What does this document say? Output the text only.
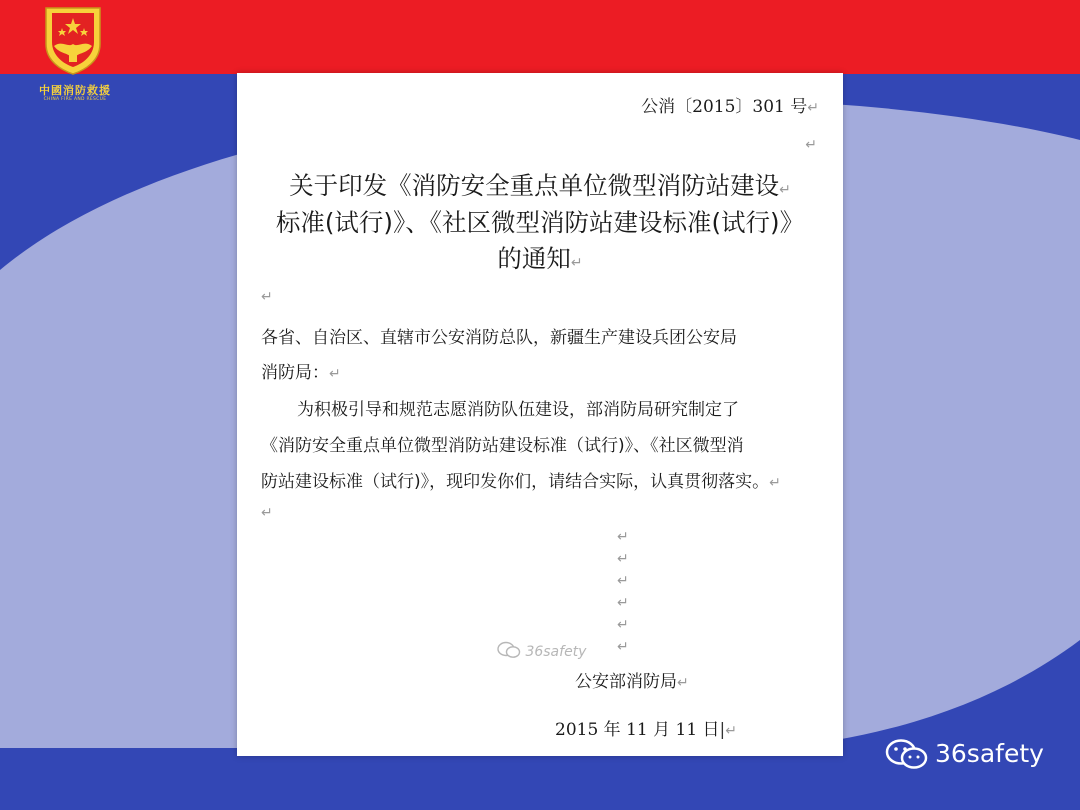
中國消防救援
CHINA FIRE AND RESCUE	公消〔2015〕301 号↵
↵
关于印发《消防安全重点单位微型消防站建设↵
标准(试行)》、《社区微型消防站建设标准(试行)》
的通知↵
↵
各省、自治区、直辖市公安消防总队，新疆生产建设兵团公安局
消防局：↵
为积极引导和规范志愿消防队伍建设，部消防局研究制定了
《消防安全重点单位微型消防站建设标准（试行)》、《社区微型消
防站建设标准（试行)》，现印发你们，请结合实际，认真贯彻落实。↵
↵
↵
↵
↵
↵
↵
↵
公安部消防局↵
2015 年 11 月 11 日|↵
36safety
36safety
